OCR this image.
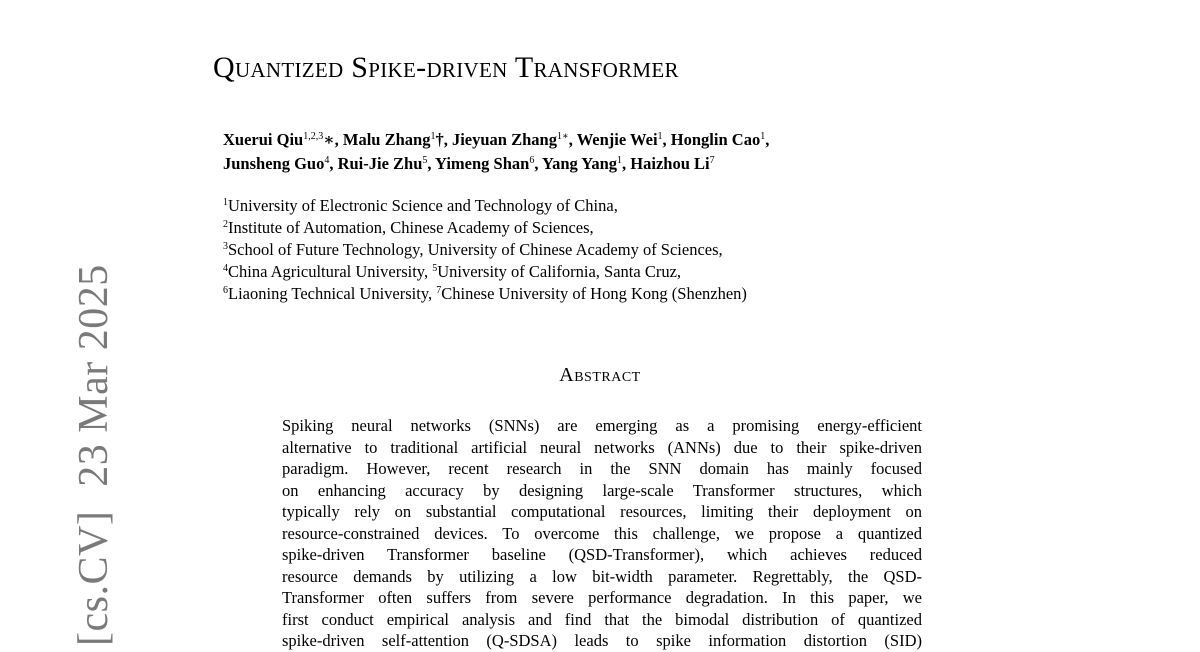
[cs.CV]23 Mar 2025
Quantized Spike-driven Transformer
Xuerui Qiu$^{1,2,3}$∗, Malu Zhang$^1$†, Jieyuan Zhang$^{1∗}$, Wenjie Wei$^1$, Honglin Cao$^1$,
Junsheng Guo$^4$, Rui-Jie Zhu$^5$, Yimeng Shan$^6$, Yang Yang$^1$, Haizhou Li$^7$
$^1$University of Electronic Science and Technology of China,
$^2$Institute of Automation, Chinese Academy of Sciences,
$^3$School of Future Technology, University of Chinese Academy of Sciences,
$^4$China Agricultural University, $^5$University of California, Santa Cruz,
$^6$Liaoning Technical University, $^7$Chinese University of Hong Kong (Shenzhen)
Abstract
Spiking neural networks (SNNs) are emerging as a promising energy-efficient
alternative to traditional artificial neural networks (ANNs) due to their spike-driven
paradigm. However, recent research in the SNN domain has mainly focused
on enhancing accuracy by designing large-scale Transformer structures, which
typically rely on substantial computational resources, limiting their deployment on
resource-constrained devices. To overcome this challenge, we propose a quantized
spike-driven Transformer baseline (QSD-Transformer), which achieves reduced
resource demands by utilizing a low bit-width parameter. Regrettably, the QSD-
Transformer often suffers from severe performance degradation. In this paper, we
first conduct empirical analysis and find that the bimodal distribution of quantized
spike-driven self-attention (Q-SDSA) leads to spike information distortion (SID)
